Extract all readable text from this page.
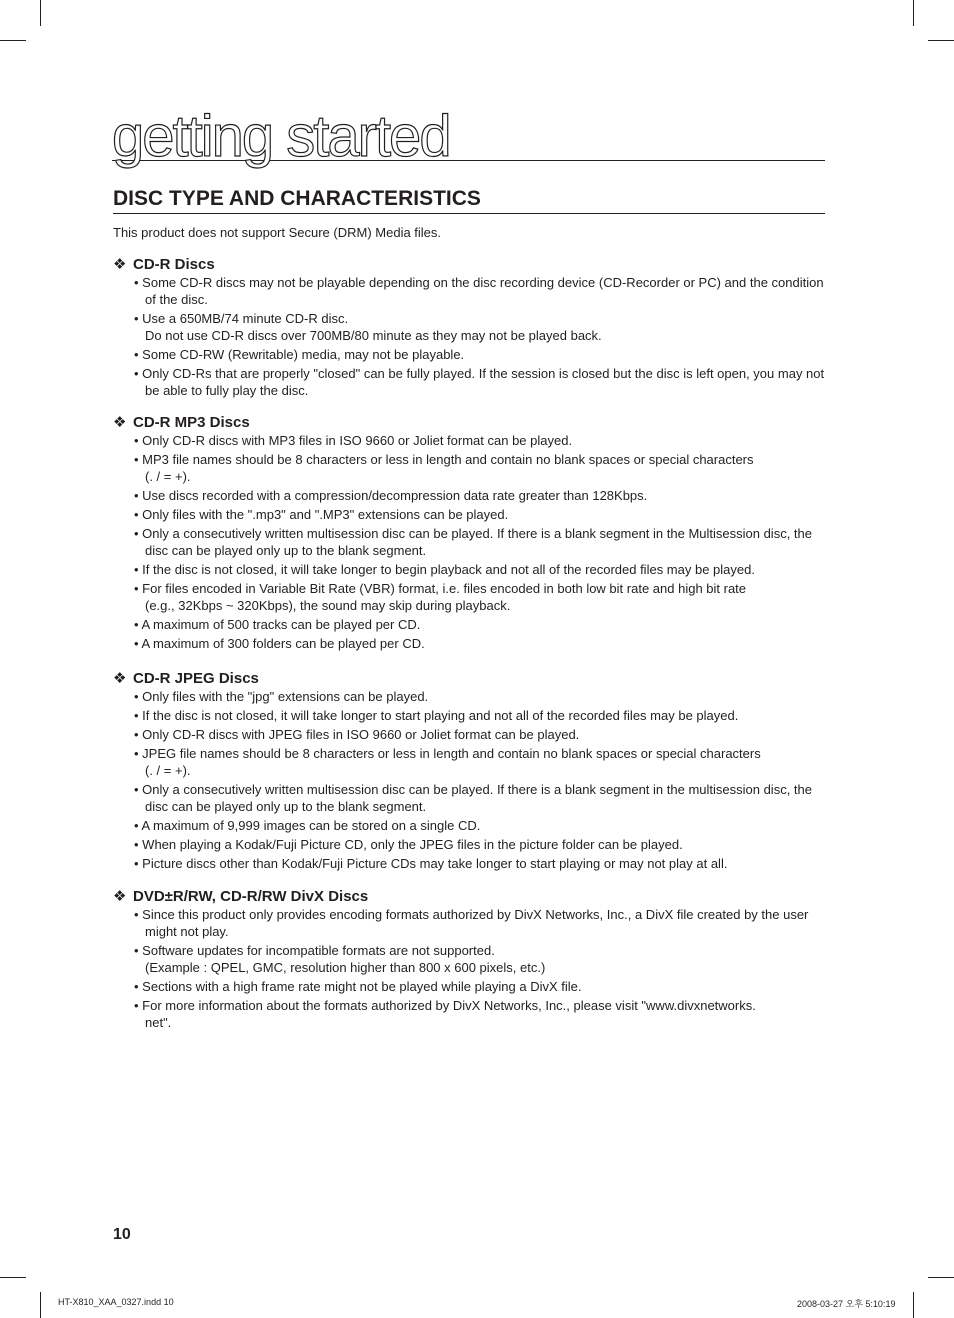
getting started
DISC TYPE AND CHARACTERISTICS
This product does not support Secure (DRM) Media files.

❖ CD-R Discs

• Some CD-R discs may not be playable depending on the disc recording device (CD-Recorder or PC) and the condition of the disc.
• Use a 650MB/74 minute CD-R disc.
Do not use CD-R discs over 700MB/80 minute as they may not be played back.
• Some CD-RW (Rewritable) media, may not be playable.
• Only CD-Rs that are properly "closed" can be fully played. If the session is closed but the disc is left open, you may not be able to fully play the disc.

❖ CD-R MP3 Discs

• Only CD-R discs with MP3 files in ISO 9660 or Joliet format can be played.
• MP3 file names should be 8 characters or less in length and contain no blank spaces or special characters
(. / = +).
• Use discs recorded with a compression/decompression data rate greater than 128Kbps.
• Only files with the ".mp3" and ".MP3" extensions can be played.
• Only a consecutively written multisession disc can be played. If there is a blank segment in the Multisession disc, the disc can be played only up to the blank segment.
• If the disc is not closed, it will take longer to begin playback and not all of the recorded files may be played.
• For files encoded in Variable Bit Rate (VBR) format, i.e. files encoded in both low bit rate and high bit rate
(e.g., 32Kbps ~ 320Kbps), the sound may skip during playback.
• A maximum of 500 tracks can be played per CD.
• A maximum of 300 folders can be played per CD.

❖ CD-R JPEG Discs

• Only files with the "jpg" extensions can be played.
• If the disc is not closed, it will take longer to start playing and not all of the recorded files may be played.
• Only CD-R discs with JPEG files in ISO 9660 or Joliet format can be played.
• JPEG file names should be 8 characters or less in length and contain no blank spaces or special characters
(. / = +).
• Only a consecutively written multisession disc can be played. If there is a blank segment in the multisession disc, the disc can be played only up to the blank segment.
• A maximum of 9,999 images can be stored on a single CD.
• When playing a Kodak/Fuji Picture CD, only the JPEG files in the picture folder can be played.
• Picture discs other than Kodak/Fuji Picture CDs may take longer to start playing or may not play at all.

❖ DVD±R/RW, CD-R/RW DivX Discs

• Since this product only provides encoding formats authorized by DivX Networks, Inc., a DivX file created by the user might not play.
• Software updates for incompatible formats are not supported.
(Example : QPEL, GMC, resolution higher than 800 x 600 pixels, etc.)
• Sections with a high frame rate might not be played while playing a DivX file.
• For more information about the formats authorized by DivX Networks, Inc., please visit "www.divxnetworks.
net".
10
HT-X810_XAA_0327.indd 10	2008-03-27 오후 5:10:19
